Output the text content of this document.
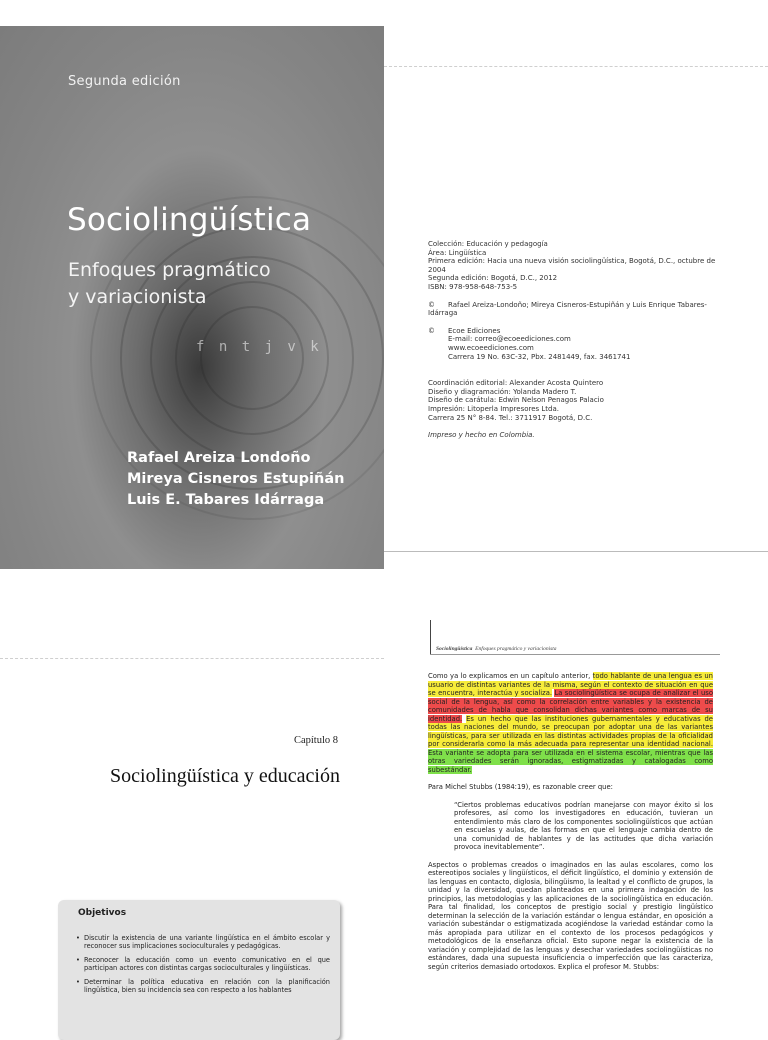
Segunda edición
Sociolingüística
Enfoques pragmático
y variacionista
f n t j v k
Rafael Areiza Londoño
Mireya Cisneros Estupiñán
Luis E. Tabares Idárraga

Colección: Educación y pedagogía

Área: Lingüística

Primera edición: Hacia una nueva visión sociolingüística, Bogotá, D.C., octubre de 2004

Segunda edición: Bogotá, D.C., 2012

ISBN: 978-958-648-753-5

© Rafael Areiza-Londoño; Mireya Cisneros-Estupiñán y Luis Enrique Tabares-Idárraga

© Ecoe Ediciones

E-mail: correo@ecoeediciones.com

www.ecoeediciones.com

Carrera 19 No. 63C-32, Pbx. 2481449, fax. 3461741

Coordinación editorial: Alexander Acosta Quintero

Diseño y diagramación: Yolanda Madero T.

Diseño de carátula: Edwin Nelson Penagos Palacio

Impresión: Litoperla Impresores Ltda.

Carrera 25 N° 8-84. Tel.: 3711917 Bogotá, D.C.

Impreso y hecho en Colombia.

Capítulo 8
Sociolingüística y educación
Objetivos
• Discutir la existencia de una variante lingüística en el ámbito escolar y reconocer sus implicaciones socioculturales y pedagógicas.
• Reconocer la educación como un evento comunicativo en el que participan actores con distintas cargas socioculturales y lingüísticas.
• Determinar la política educativa en relación con la planificación lingüística, bien su incidencia sea con respecto a los hablantes
Sociolingüística Enfoques pragmático y variacionista

Como ya lo explicamos en un capítulo anterior, todo hablante de una lengua es un usuario de distintas variantes de la misma, según el contexto de situación en que se encuentra, interactúa y socializa. La sociolingüística se ocupa de analizar el uso social de la lengua, así como la correlación entre variables y la existencia de comunidades de habla que consolidan dichas variantes como marcas de su identidad. Es un hecho que las instituciones gubernamentales y educativas de todas las naciones del mundo, se preocupan por adoptar una de las variantes lingüísticas, para ser utilizada en las distintas actividades propias de la oficialidad por considerarla como la más adecuada para representar una identidad nacional. Esta variante se adopta para ser utilizada en el sistema escolar, mientras que las otras variedades serán ignoradas, estigmatizadas y catalogadas como subestándar.

Para Michel Stubbs (1984:19), es razonable creer que:

“Ciertos problemas educativos podrían manejarse con mayor éxito si los profesores, así como los investigadores en educación, tuvieran un entendimiento más claro de los componentes sociolingüísticos que actúan en escuelas y aulas, de las formas en que el lenguaje cambia dentro de una comunidad de hablantes y de las actitudes que dicha variación provoca inevitablemente”.

Aspectos o problemas creados o imaginados en las aulas escolares, como los estereotipos sociales y lingüísticos, el déficit lingüístico, el dominio y extensión de las lenguas en contacto, diglosia, bilingüismo, la lealtad y el conflicto de grupos, la unidad y la diversidad, quedan planteados en una primera indagación de los principios, las metodologías y las aplicaciones de la sociolingüística en educación. Para tal finalidad, los conceptos de prestigio social y prestigio lingüístico determinan la selección de la variación estándar o lengua estándar, en oposición a variación subestándar o estigmatizada acogiéndose la variedad estándar como la más apropiada para utilizar en el contexto de los procesos pedagógicos y metodológicos de la enseñanza oficial. Esto supone negar la existencia de la variación y complejidad de las lenguas y desechar variedades sociolingüísticas no estándares, dada una supuesta insuficiencia o imperfección que las caracteriza, según criterios demasiado ortodoxos. Explica el profesor M. Stubbs:
